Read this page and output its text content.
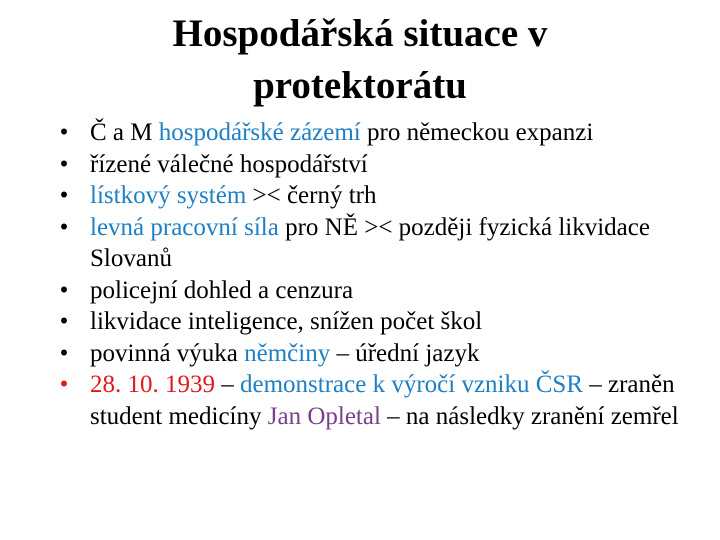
Hospodářská situace v
protektorátu
• Č a M hospodářské zázemí pro německou expanzi
• řízené válečné hospodářství
• lístkový systém >< černý trh
• levná pracovní síla pro NĚ >< později fyzická likvidace Slovanů
• policejní dohled a cenzura
• likvidace inteligence, snížen počet škol
• povinná výuka němčiny – úřední jazyk
• 28. 10. 1939 – demonstrace k výročí vzniku ČSR – zraněn student medicíny Jan Opletal – na následky zranění zemřel
